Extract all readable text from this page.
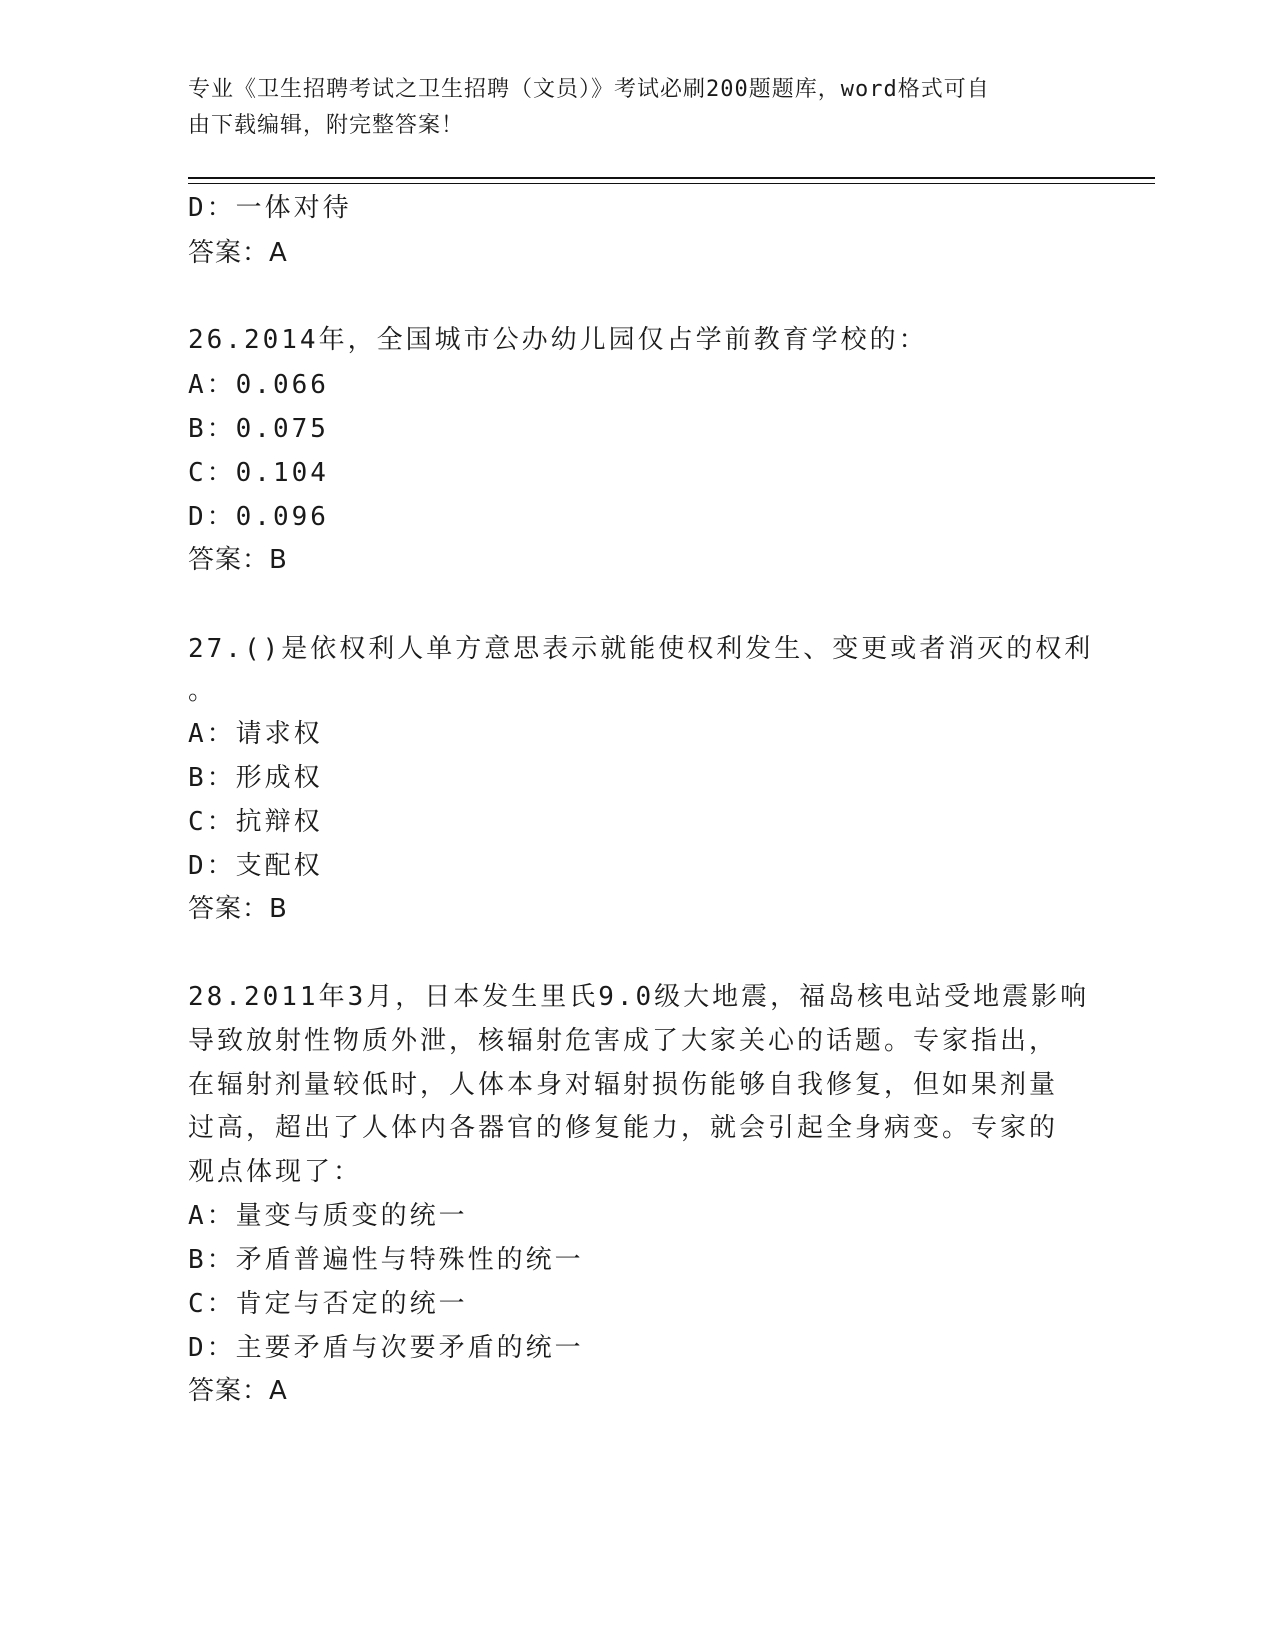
专业《卫生招聘考试之卫生招聘（文员）》考试必刷200题题库，word格式可自
由下载编辑，附完整答案！
D：一体对待
答案：A
26.2014年，全国城市公办幼儿园仅占学前教育学校的：
A：0.066
B：0.075
C：0.104
D：0.096
答案：B
27.()是依权利人单方意思表示就能使权利发生、变更或者消灭的权利
。
A：请求权
B：形成权
C：抗辩权
D：支配权
答案：B
28.2011年3月，日本发生里氏9.0级大地震，福岛核电站受地震影响
导致放射性物质外泄，核辐射危害成了大家关心的话题。专家指出，
在辐射剂量较低时，人体本身对辐射损伤能够自我修复，但如果剂量
过高，超出了人体内各器官的修复能力，就会引起全身病变。专家的
观点体现了：
A：量变与质变的统一
B：矛盾普遍性与特殊性的统一
C：肯定与否定的统一
D：主要矛盾与次要矛盾的统一
答案：A
